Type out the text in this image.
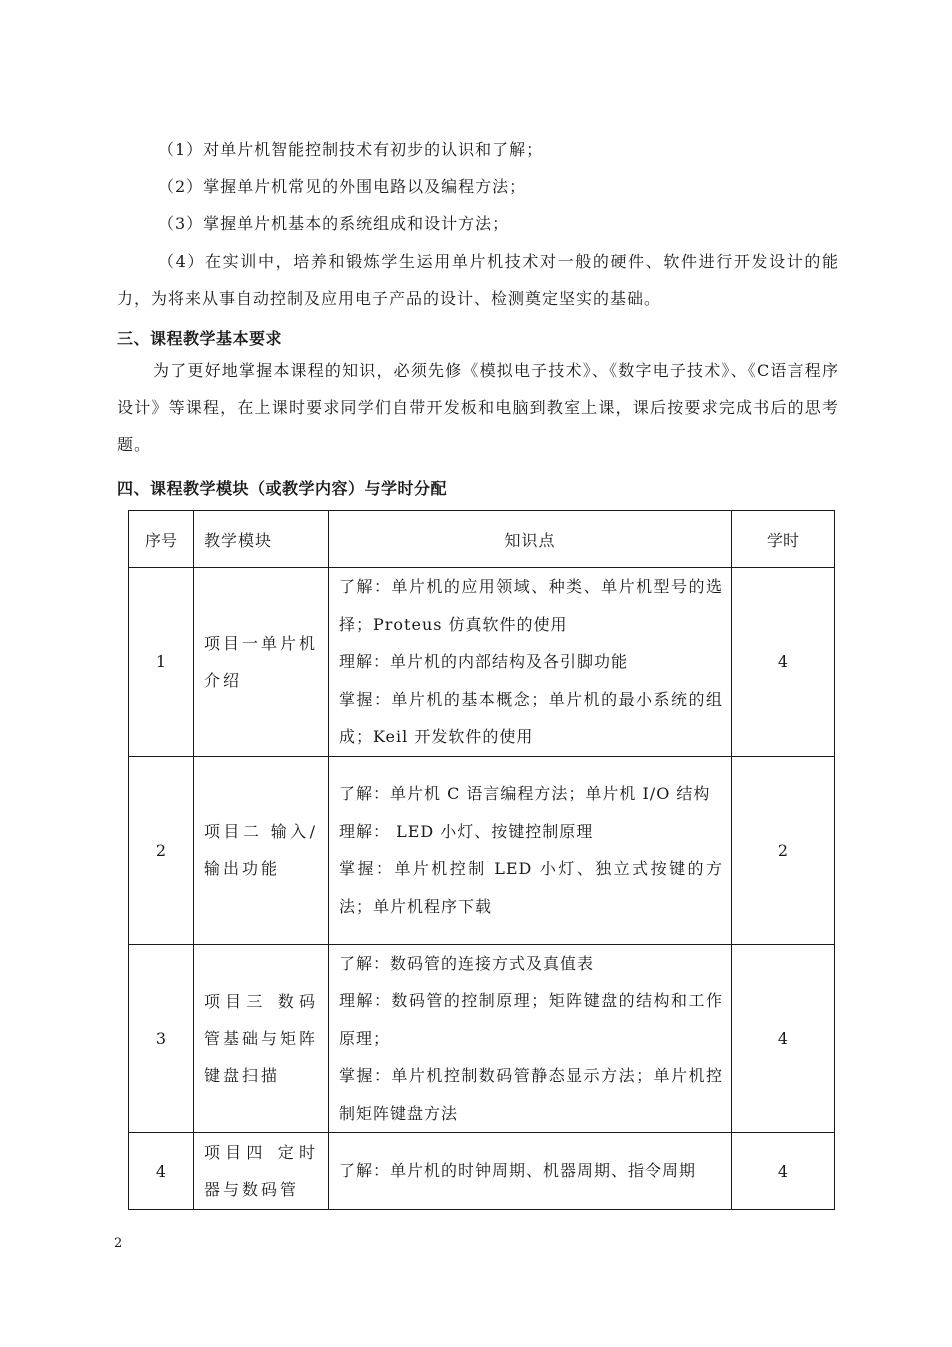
（1）对单片机智能控制技术有初步的认识和了解；
（2）掌握单片机常见的外围电路以及编程方法；
（3）掌握单片机基本的系统组成和设计方法；

（4）在实训中，培养和锻炼学生运用单片机技术对一般的硬件、软件进行开发设计的能力，为将来从事自动控制及应用电子产品的设计、检测奠定坚实的基础。

三、课程教学基本要求

为了更好地掌握本课程的知识，必须先修《模拟电子技术》、《数字电子技术》、《C语言程序设计》等课程，在上课时要求同学们自带开发板和电脑到教室上课，课后按要求完成书后的思考题。

四、课程教学模块（或教学内容）与学时分配
序号	教学模块	知识点	学时
1	项目一单片机介绍	了解：单片机的应用领域、种类、单片机型号的选择；Proteus 仿真软件的使用
理解：单片机的内部结构及各引脚功能
掌握：单片机的基本概念；单片机的最小系统的组成；Keil 开发软件的使用	4
2	项目二 输入/输出功能	了解：单片机 C 语言编程方法；单片机 I/O 结构
理解： LED 小灯、按键控制原理
掌握：单片机控制 LED 小灯、独立式按键的方法；单片机程序下载	2
3	项目三 数码管基础与矩阵键盘扫描	了解：数码管的连接方式及真值表
理解：数码管的控制原理；矩阵键盘的结构和工作原理；
掌握：单片机控制数码管静态显示方法；单片机控制矩阵键盘方法	4
4	项目四 定时器与数码管	了解：单片机的时钟周期、机器周期、指令周期	4
2
